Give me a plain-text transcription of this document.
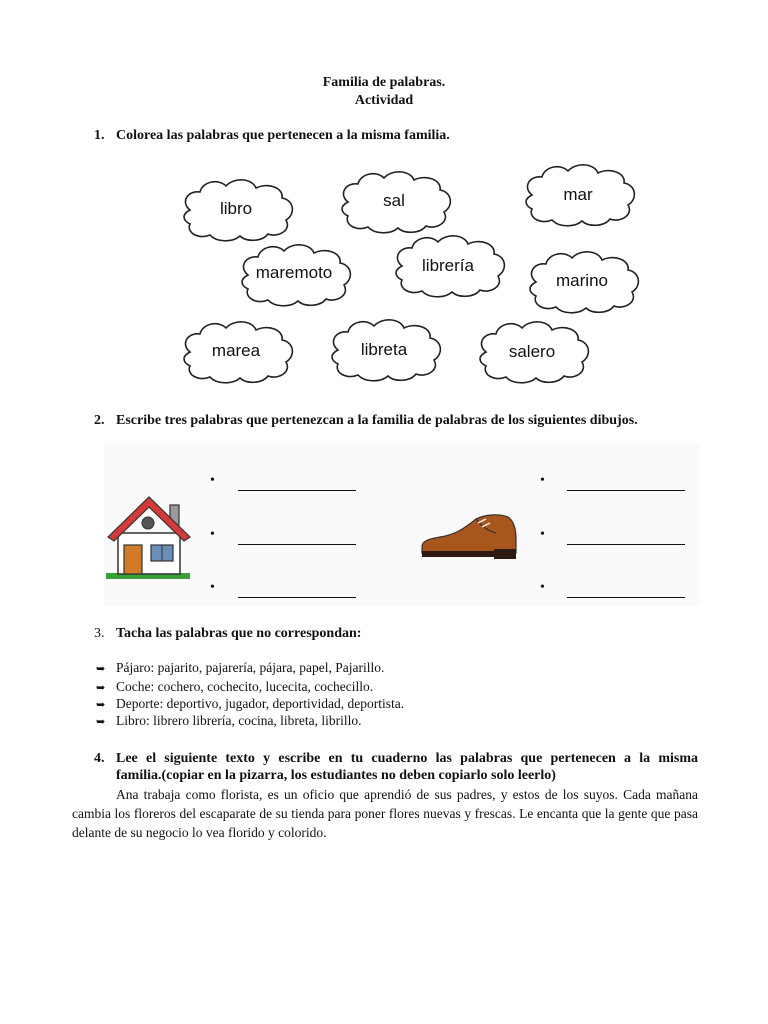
Familia de palabras.
Actividad
1. Colorea las palabras que pertenecen a la misma familia.
libro	sal	mar
maremoto	librería
marino
marea	libreta	salero
2. Escribe tres palabras que pertenezcan a la familia de palabras de los siguientes dibujos.
•
•
•
•
•
•
3. Tacha las palabras que no correspondan:
➥ Pájaro: pajarito, pajarería, pájara, papel, Pajarillo.
➥ Coche: cochero, cochecito, lucecita, cochecillo.
➥ Deporte: deportivo, jugador, deportividad, deportista.
➥ Libro: librero librería, cocina, libreta, librillo.
4. Lee el siguiente texto y escribe en tu cuaderno las palabras que pertenecen a la misma
familia.(copiar en la pizarra, los estudiantes no deben copiarlo solo leerlo)
Ana trabaja como florista, es un oficio que aprendió de sus padres, y estos de los suyos. Cada mañana cambia los floreros del escaparate de su tienda para poner flores nuevas y frescas. Le encanta que la gente que pasa delante de su negocio lo vea florido y colorido.
